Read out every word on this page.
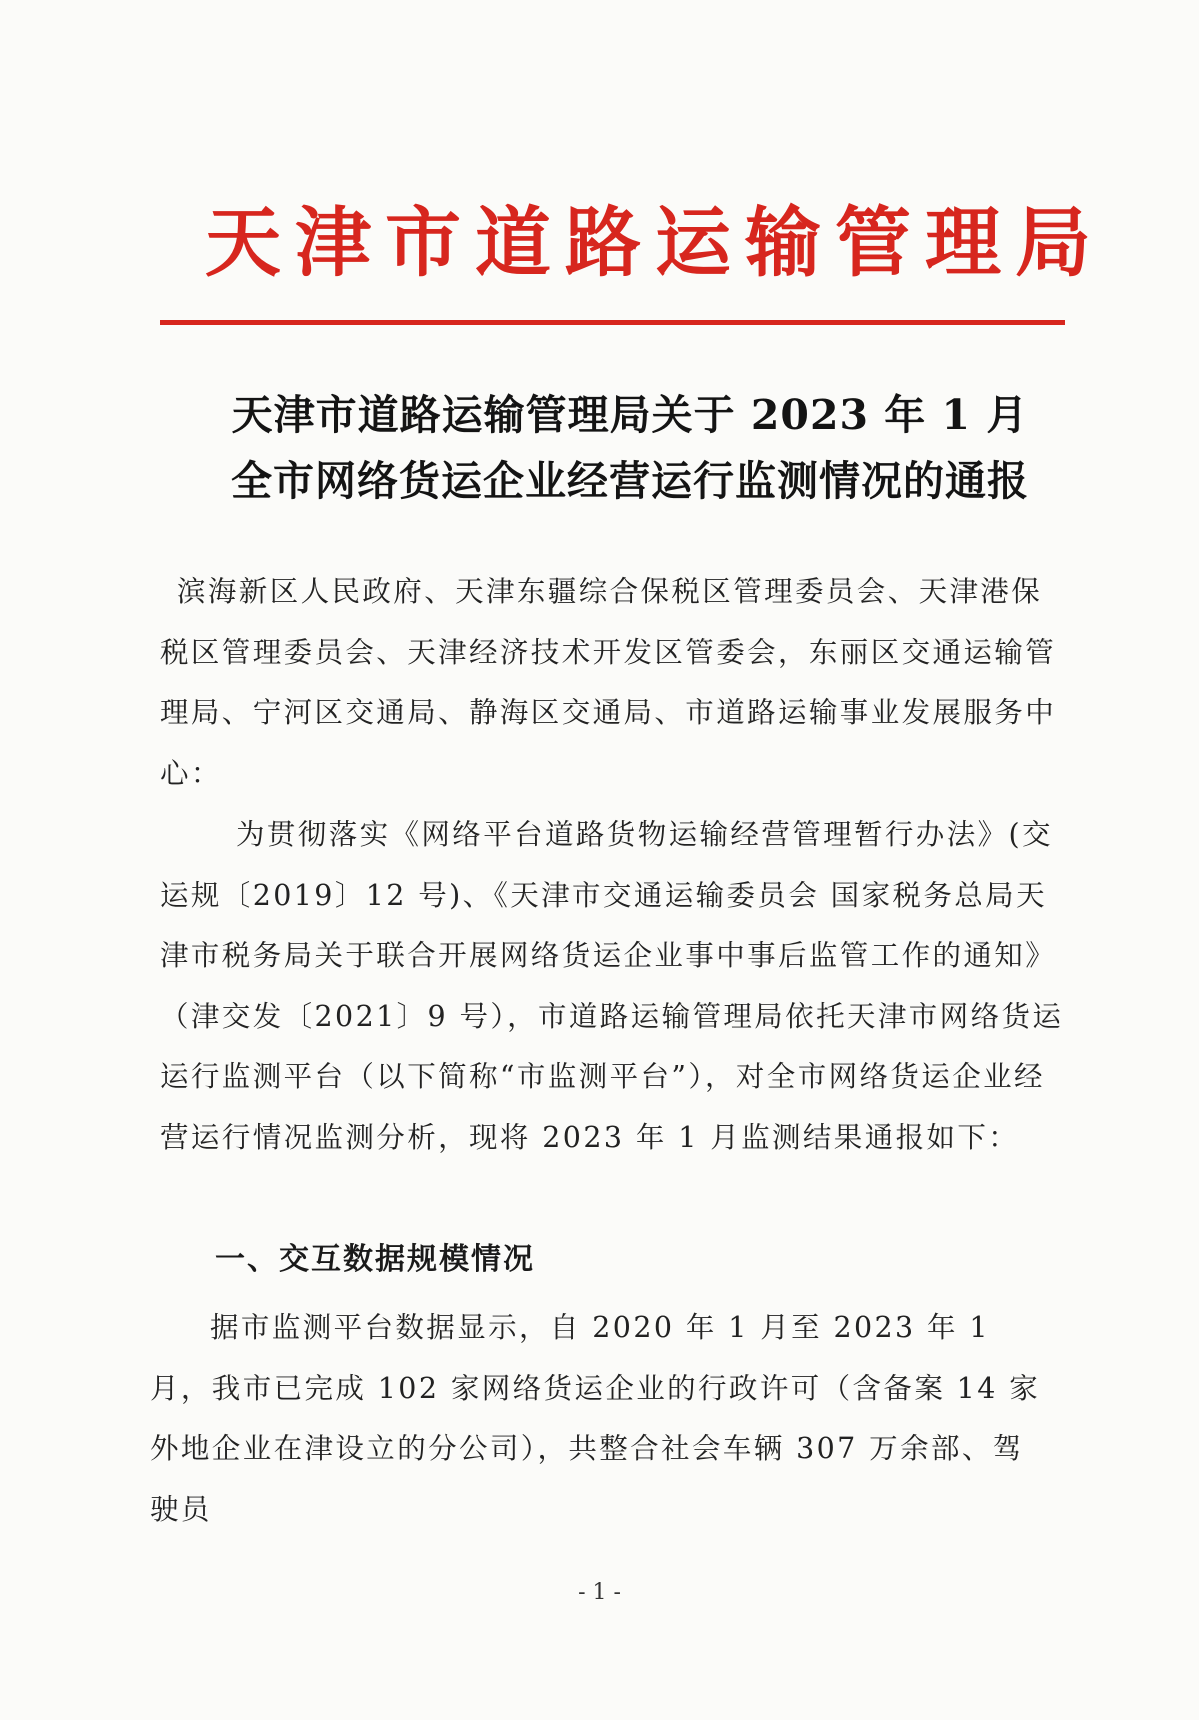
天津市道路运输管理局
天津市道路运输管理局关于 2023 年 1 月
全市网络货运企业经营运行监测情况的通报
滨海新区人民政府、天津东疆综合保税区管理委员会、天津港保税区管理委员会、天津经济技术开发区管委会，东丽区交通运输管理局、宁河区交通局、静海区交通局、市道路运输事业发展服务中心：
为贯彻落实《网络平台道路货物运输经营管理暂行办法》(交运规〔2019〕12 号)、《天津市交通运输委员会 国家税务总局天津市税务局关于联合开展网络货运企业事中事后监管工作的通知》（津交发〔2021〕9 号），市道路运输管理局依托天津市网络货运运行监测平台（以下简称“市监测平台”），对全市网络货运企业经营运行情况监测分析，现将 2023 年 1 月监测结果通报如下：
一、交互数据规模情况
据市监测平台数据显示，自 2020 年 1 月至 2023 年 1 月，我市已完成 102 家网络货运企业的行政许可（含备案 14 家外地企业在津设立的分公司），共整合社会车辆 307 万余部、驾驶员
- 1 -
